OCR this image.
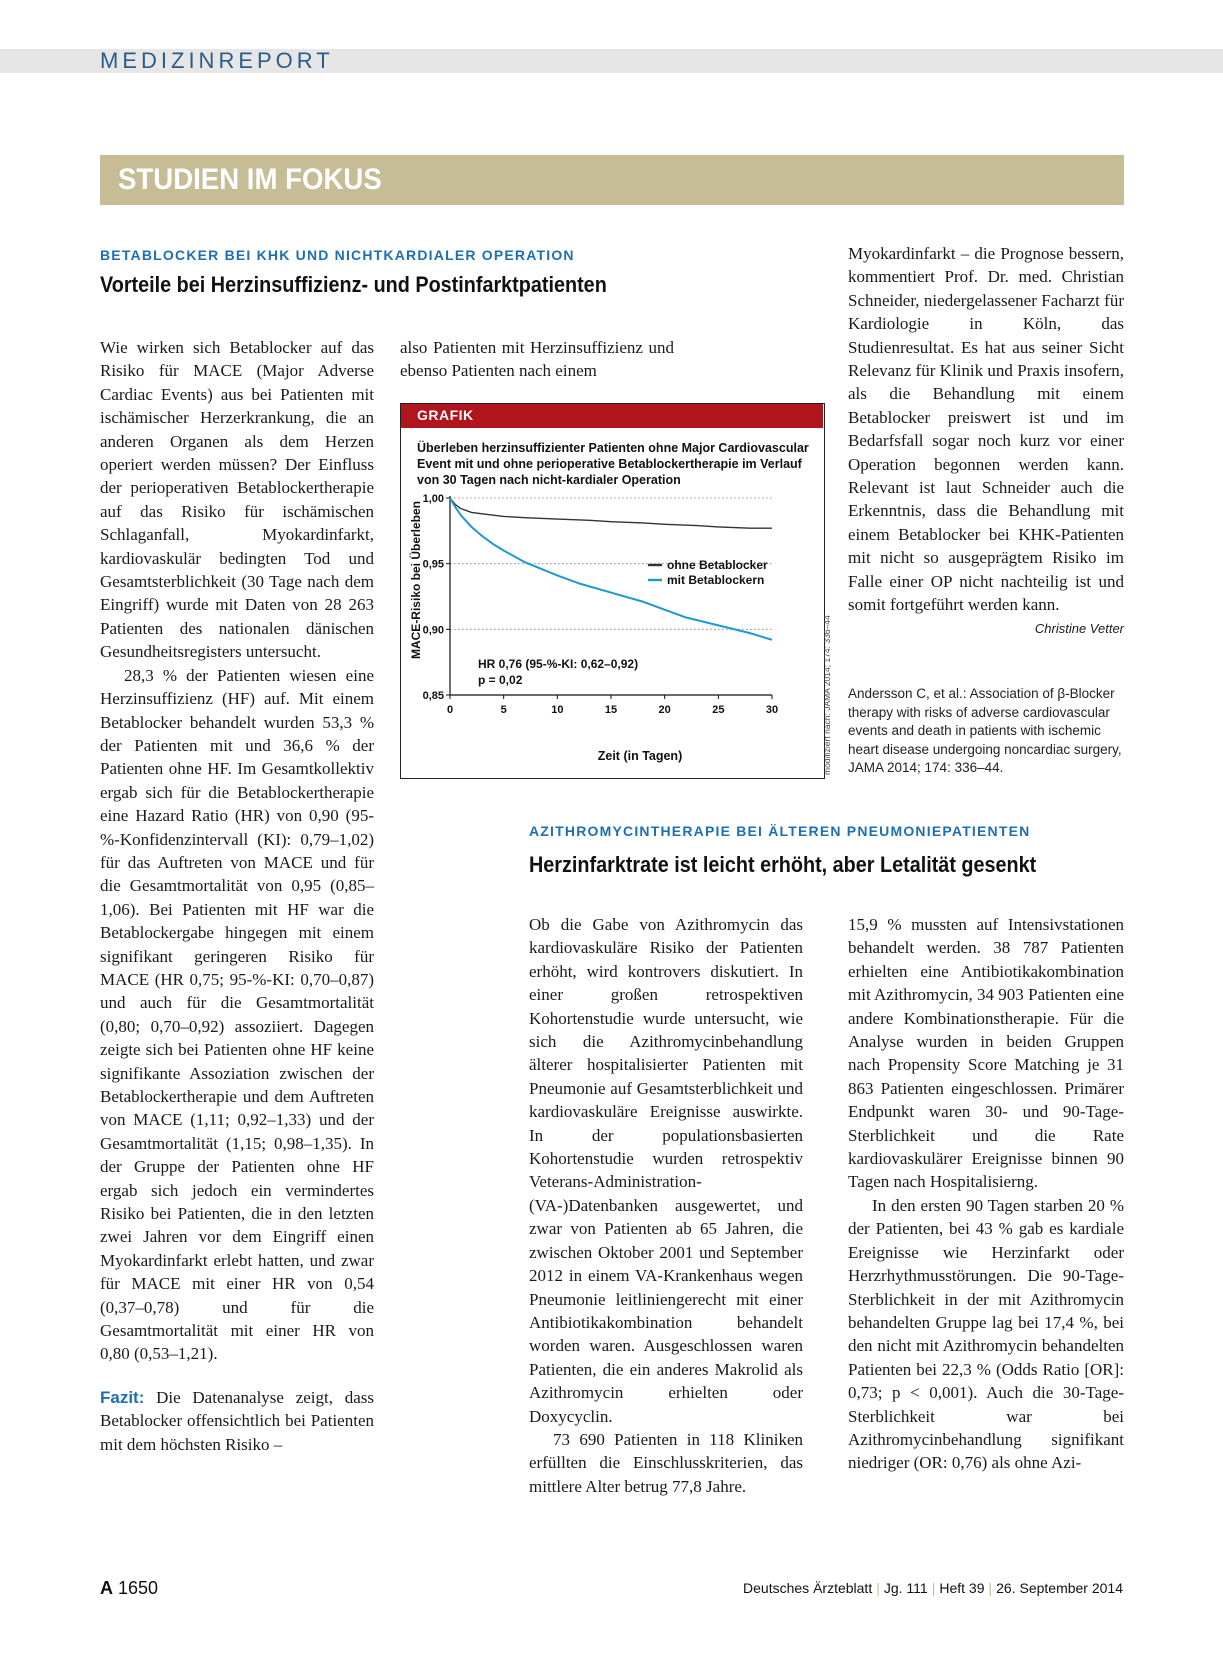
MEDIZINREPORT
STUDIEN IM FOKUS
BETABLOCKER BEI KHK UND NICHTKARDIALER OPERATION
Vorteile bei Herzinsuffizienz- und Postinfarktpatienten

Wie wirken sich Betablocker auf das Risiko für MACE (Major Adverse Cardiac Events) aus bei Patienten mit ischämischer Herzerkrankung, die an anderen Organen als dem Herzen operiert werden müssen? Der Einfluss der perioperativen Betablockertherapie auf das Risiko für ischämischen Schlaganfall, Myokardinfarkt, kardiovaskulär bedingten Tod und Gesamtsterblichkeit (30 Tage nach dem Eingriff) wurde mit Daten von 28 263 Patienten des nationalen dänischen Gesundheitsregisters untersucht.

28,3 % der Patienten wiesen eine Herzinsuffizienz (HF) auf. Mit einem Betablocker behandelt wurden 53,3 % der Patienten mit und 36,6 % der Patienten ohne HF. Im Gesamtkollektiv ergab sich für die Betablockertherapie eine Hazard Ratio (HR) von 0,90 (95-%-Konfidenzintervall (KI): 0,79–1,02) für das Auftreten von MACE und für die Gesamtmortalität von 0,95 (0,85–1,06). Bei Patienten mit HF war die Betablockergabe hingegen mit einem signifikant geringeren Risiko für MACE (HR 0,75; 95-%-KI: 0,70–0,87) und auch für die Gesamtmortalität (0,80; 0,70–0,92) assoziiert. Dagegen zeigte sich bei Patienten ohne HF keine signifikante Assoziation zwischen der Betablockertherapie und dem Auftreten von MACE (1,11; 0,92–1,33) und der Gesamtmortalität (1,15; 0,98–1,35). In der Gruppe der Patienten ohne HF ergab sich jedoch ein vermindertes Risiko bei Patienten, die in den letzten zwei Jahren vor dem Eingriff einen Myokardinfarkt erlebt hatten, und zwar für MACE mit einer HR von 0,54 (0,37–0,78) und für die Gesamtmortalität mit einer HR von 0,80 (0,53–1,21).

Fazit: Die Datenanalyse zeigt, dass Betablocker offensichtlich bei Patienten mit dem höchsten Risiko –

also Patienten mit Herzinsuffizienz und ebenso Patienten nach einem

Myokardinfarkt – die Prognose bessern, kommentiert Prof. Dr. med. Christian Schneider, niedergelassener Facharzt für Kardiologie in Köln, das Studienresultat. Es hat aus seiner Sicht Relevanz für Klinik und Praxis insofern, als die Behandlung mit einem Betablocker preiswert ist und im Bedarfsfall sogar noch kurz vor einer Operation begonnen werden kann. Relevant ist laut Schneider auch die Erkenntnis, dass die Behandlung mit einem Betablocker bei KHK-Patienten mit nicht so ausgeprägtem Risiko im Falle einer OP nicht nachteilig ist und somit fortgeführt werden kann.
Christine Vetter

Andersson C, et al.: Association of β-Blocker therapy with risks of adverse cardiovascular events and death in patients with ischemic heart disease undergoing noncardiac surgery, JAMA 2014; 174: 336–44.
GRAFIK
Überleben herzinsuffizienter Patienten ohne Major Cardiovascular Event mit und ohne perioperative Betablockertherapie im Verlauf von 30 Tagen nach nicht-kardialer Operation
0,85
0,90
0,95
1,00
0	5	10	15	20	25	30
MACE-Risiko bei Überleben
Zeit (in Tagen)
HR 0,76 (95-%-KI: 0,62–0,92)
p = 0,02
ohne Betablocker
mit Betablockern
modifiziert nach: JAMA 2014; 174: 336–44
AZITHROMYCINTHERAPIE BEI ÄLTEREN PNEUMONIEPATIENTEN
Herzinfarktrate ist leicht erhöht, aber Letalität gesenkt

Ob die Gabe von Azithromycin das kardiovaskuläre Risiko der Patienten erhöht, wird kontrovers diskutiert. In einer großen retrospektiven Kohortenstudie wurde untersucht, wie sich die Azithromycinbehandlung älterer hospitalisierter Patienten mit Pneumonie auf Gesamtsterblichkeit und kardiovaskuläre Ereignisse auswirkte. In der populationsbasierten Kohortenstudie wurden retrospektiv Veterans-Administration-(VA-)Datenbanken ausgewertet, und zwar von Patienten ab 65 Jahren, die zwischen Oktober 2001 und September 2012 in einem VA-Krankenhaus wegen Pneumonie leitliniengerecht mit einer Antibiotikakombination behandelt worden waren. Ausgeschlossen waren Patienten, die ein anderes Makrolid als Azithromycin erhielten oder Doxycyclin.

73 690 Patienten in 118 Kliniken erfüllten die Einschlusskriterien, das mittlere Alter betrug 77,8 Jahre.

15,9 % mussten auf Intensivstationen behandelt werden. 38 787 Patienten erhielten eine Antibiotikakombination mit Azithromycin, 34 903 Patienten eine andere Kombinationstherapie. Für die Analyse wurden in beiden Gruppen nach Propensity Score Matching je 31 863 Patienten eingeschlossen. Primärer Endpunkt waren 30- und 90-Tage-Sterblichkeit und die Rate kardiovaskulärer Ereignisse binnen 90 Tagen nach Hospitalisierng.

In den ersten 90 Tagen starben 20 % der Patienten, bei 43 % gab es kardiale Ereignisse wie Herzinfarkt oder Herzrhythmusstörungen. Die 90-Tage-Sterblichkeit in der mit Azithromycin behandelten Gruppe lag bei 17,4 %, bei den nicht mit Azithromycin behandelten Patienten bei 22,3 % (Odds Ratio [OR]: 0,73; p < 0,001). Auch die 30-Tage-Sterblichkeit war bei Azithromycinbehandlung signifikant niedriger (OR: 0,76) als ohne Azi-

A 1650	Deutsches Ärzteblatt | Jg. 111 | Heft 39 | 26. September 2014
